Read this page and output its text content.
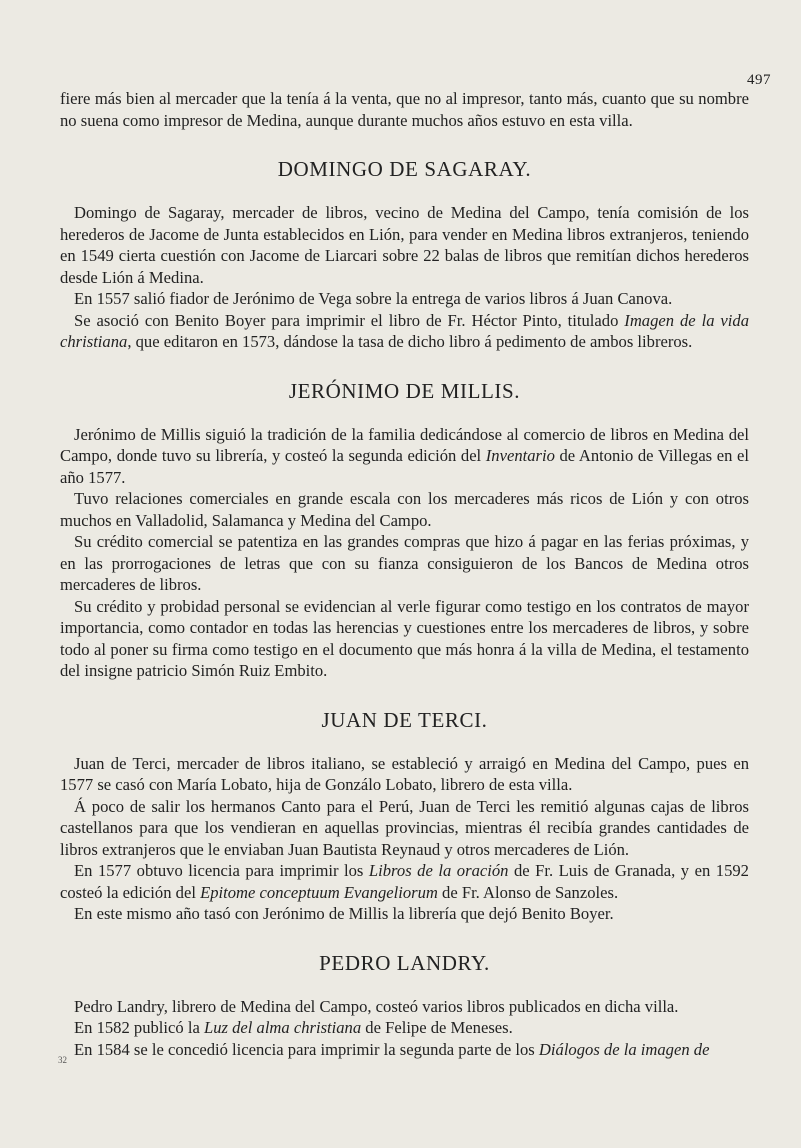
497

fiere más bien al mercader que la tenía á la venta, que no al impresor, tanto más, cuanto que su nombre no suena como impresor de Medina, aunque durante muchos años estuvo en esta villa.

DOMINGO DE SAGARAY.

Domingo de Sagaray, mercader de libros, vecino de Medina del Campo, tenía comisión de los herederos de Jacome de Junta establecidos en Lión, para vender en Medina libros extranjeros, teniendo en 1549 cierta cuestión con Jacome de Liarcari sobre 22 balas de libros que remitían dichos herederos desde Lión á Medina.

En 1557 salió fiador de Jerónimo de Vega sobre la entrega de varios libros á Juan Canova.

Se asoció con Benito Boyer para imprimir el libro de Fr. Héctor Pinto, titulado Imagen de la vida christiana, que editaron en 1573, dándose la tasa de dicho libro á pedimento de ambos libreros.

JERÓNIMO DE MILLIS.

Jerónimo de Millis siguió la tradición de la familia dedicándose al comercio de libros en Medina del Campo, donde tuvo su librería, y costeó la segunda edición del Inventario de Antonio de Villegas en el año 1577.

Tuvo relaciones comerciales en grande escala con los mercaderes más ricos de Lión y con otros muchos en Valladolid, Salamanca y Medina del Campo.

Su crédito comercial se patentiza en las grandes compras que hizo á pagar en las ferias próximas, y en las prorrogaciones de letras que con su fianza consiguieron de los Bancos de Medina otros mercaderes de libros.

Su crédito y probidad personal se evidencian al verle figurar como testigo en los contratos de mayor importancia, como contador en todas las herencias y cuestiones entre los mercaderes de libros, y sobre todo al poner su firma como testigo en el documento que más honra á la villa de Medina, el testamento del insigne patricio Simón Ruiz Embito.

JUAN DE TERCI.

Juan de Terci, mercader de libros italiano, se estableció y arraigó en Medina del Campo, pues en 1577 se casó con María Lobato, hija de Gonzálo Lobato, librero de esta villa.

Á poco de salir los hermanos Canto para el Perú, Juan de Terci les remitió algunas cajas de libros castellanos para que los vendieran en aquellas provincias, mientras él recibía grandes cantidades de libros extranjeros que le enviaban Juan Bautista Reynaud y otros mercaderes de Lión.

En 1577 obtuvo licencia para imprimir los Libros de la oración de Fr. Luis de Granada, y en 1592 costeó la edición del Epitome conceptuum Evangeliorum de Fr. Alonso de Sanzoles.

En este mismo año tasó con Jerónimo de Millis la librería que dejó Benito Boyer.

PEDRO LANDRY.

Pedro Landry, librero de Medina del Campo, costeó varios libros publicados en dicha villa.

En 1582 publicó la Luz del alma christiana de Felipe de Meneses.

En 1584 se le concedió licencia para imprimir la segunda parte de los Diálogos de la imagen de

32
